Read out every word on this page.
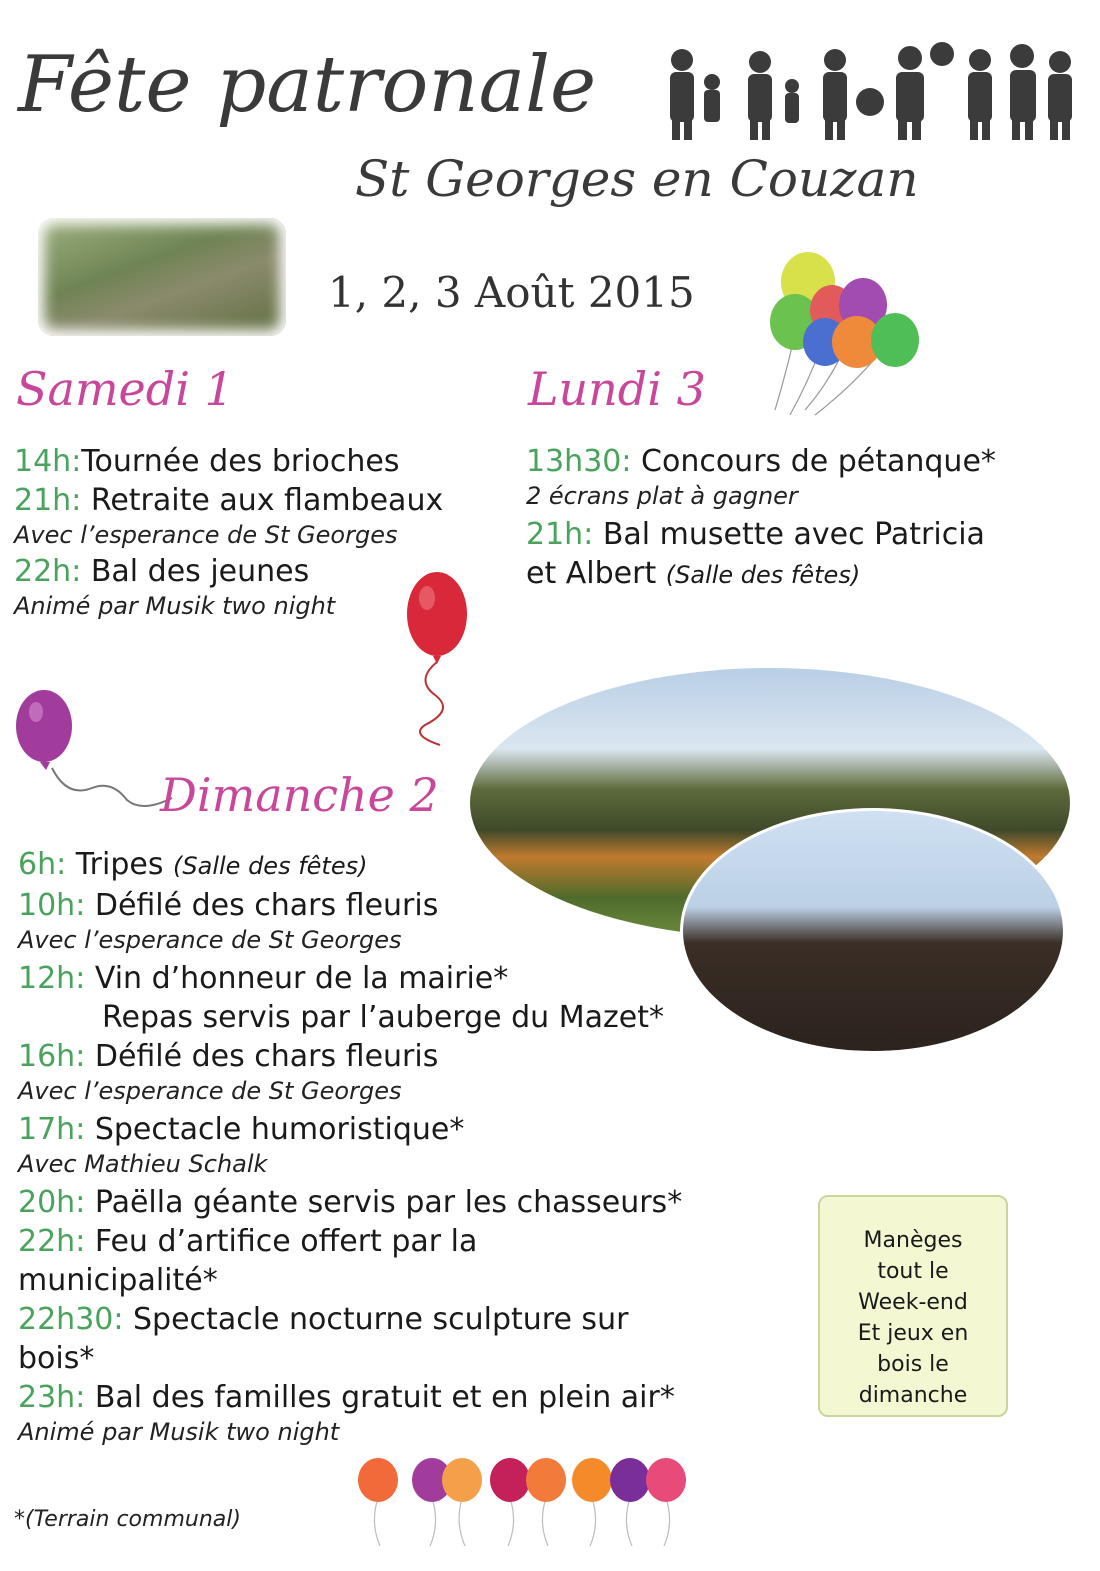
Fête patronale
St Georges en Couzan
1, 2, 3 Août 2015
Samedi 1
14h:Tournée des brioches
21h: Retraite aux flambeaux
Avec l’esperance de St Georges
22h: Bal des jeunes
Animé par Musik two night
Lundi 3
13h30: Concours de pétanque*
2 écrans plat à gagner
21h: Bal musette avec Patricia
et Albert (Salle des fêtes)
Dimanche 2
6h: Tripes (Salle des fêtes)
10h: Défilé des chars fleuris
Avec l’esperance de St Georges
12h: Vin d’honneur de la mairie*
Repas servis par l’auberge du Mazet*
16h: Défilé des chars fleuris
Avec l’esperance de St Georges
17h: Spectacle humoristique*
Avec Mathieu Schalk
20h: Paëlla géante servis par les chasseurs*
22h: Feu d’artifice offert par la
municipalité*
22h30: Spectacle nocturne sculpture sur
bois*
23h: Bal des familles gratuit et en plein air*
Animé par Musik two night
Manèges
tout le
Week-end
Et jeux en
bois le
dimanche
*(Terrain communal)
